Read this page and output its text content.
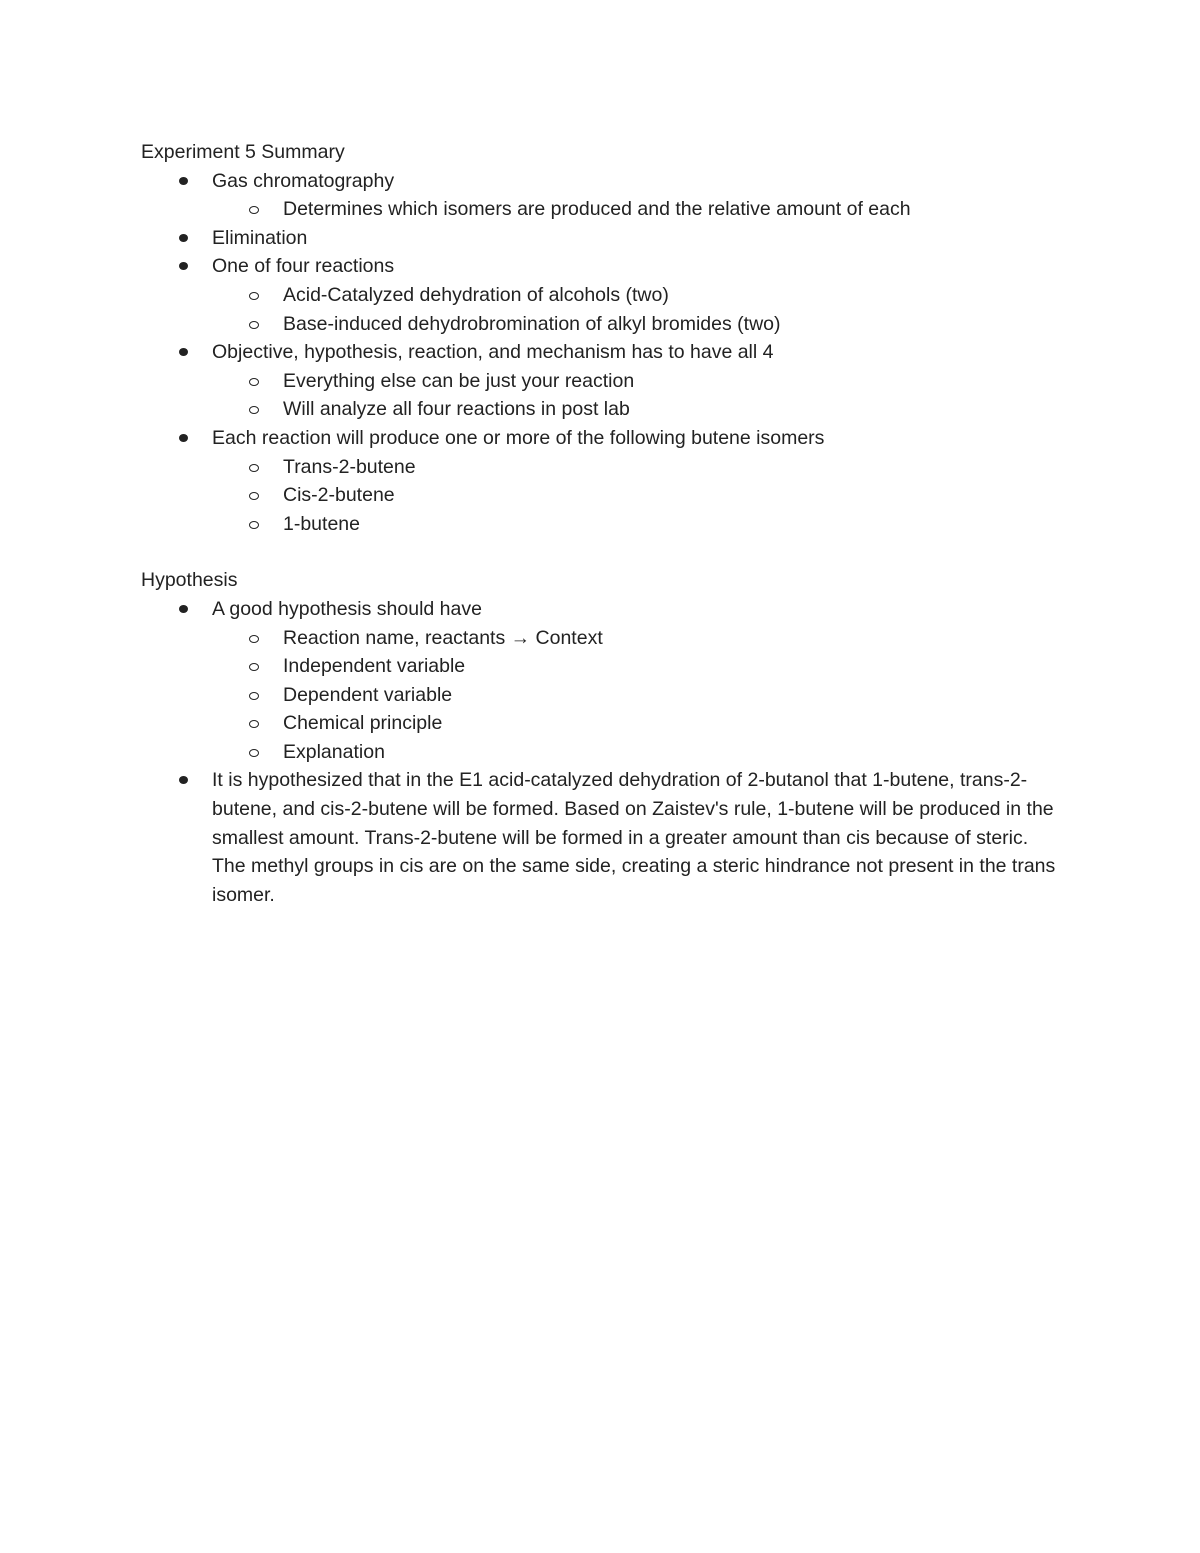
Experiment 5 Summary

Gas chromatography
Determines which isomers are produced and the relative amount of each
Elimination
One of four reactions
Acid-Catalyzed dehydration of alcohols (two)
Base-induced dehydrobromination of alkyl bromides (two)
Objective, hypothesis, reaction, and mechanism has to have all 4
Everything else can be just your reaction
Will analyze all four reactions in post lab
Each reaction will produce one or more of the following butene isomers
Trans-2-butene
Cis-2-butene
1-butene

Hypothesis

A good hypothesis should have
Reaction name, reactants → Context
Independent variable
Dependent variable
Chemical principle
Explanation
It is hypothesized that in the E1 acid-catalyzed dehydration of 2-butanol that 1-butene, trans-2-butene, and cis-2-butene will be formed. Based on Zaistev's rule, 1-butene will be produced in the smallest amount. Trans-2-butene will be formed in a greater amount than cis because of steric. The methyl groups in cis are on the same side, creating a steric hindrance not present in the trans isomer.
